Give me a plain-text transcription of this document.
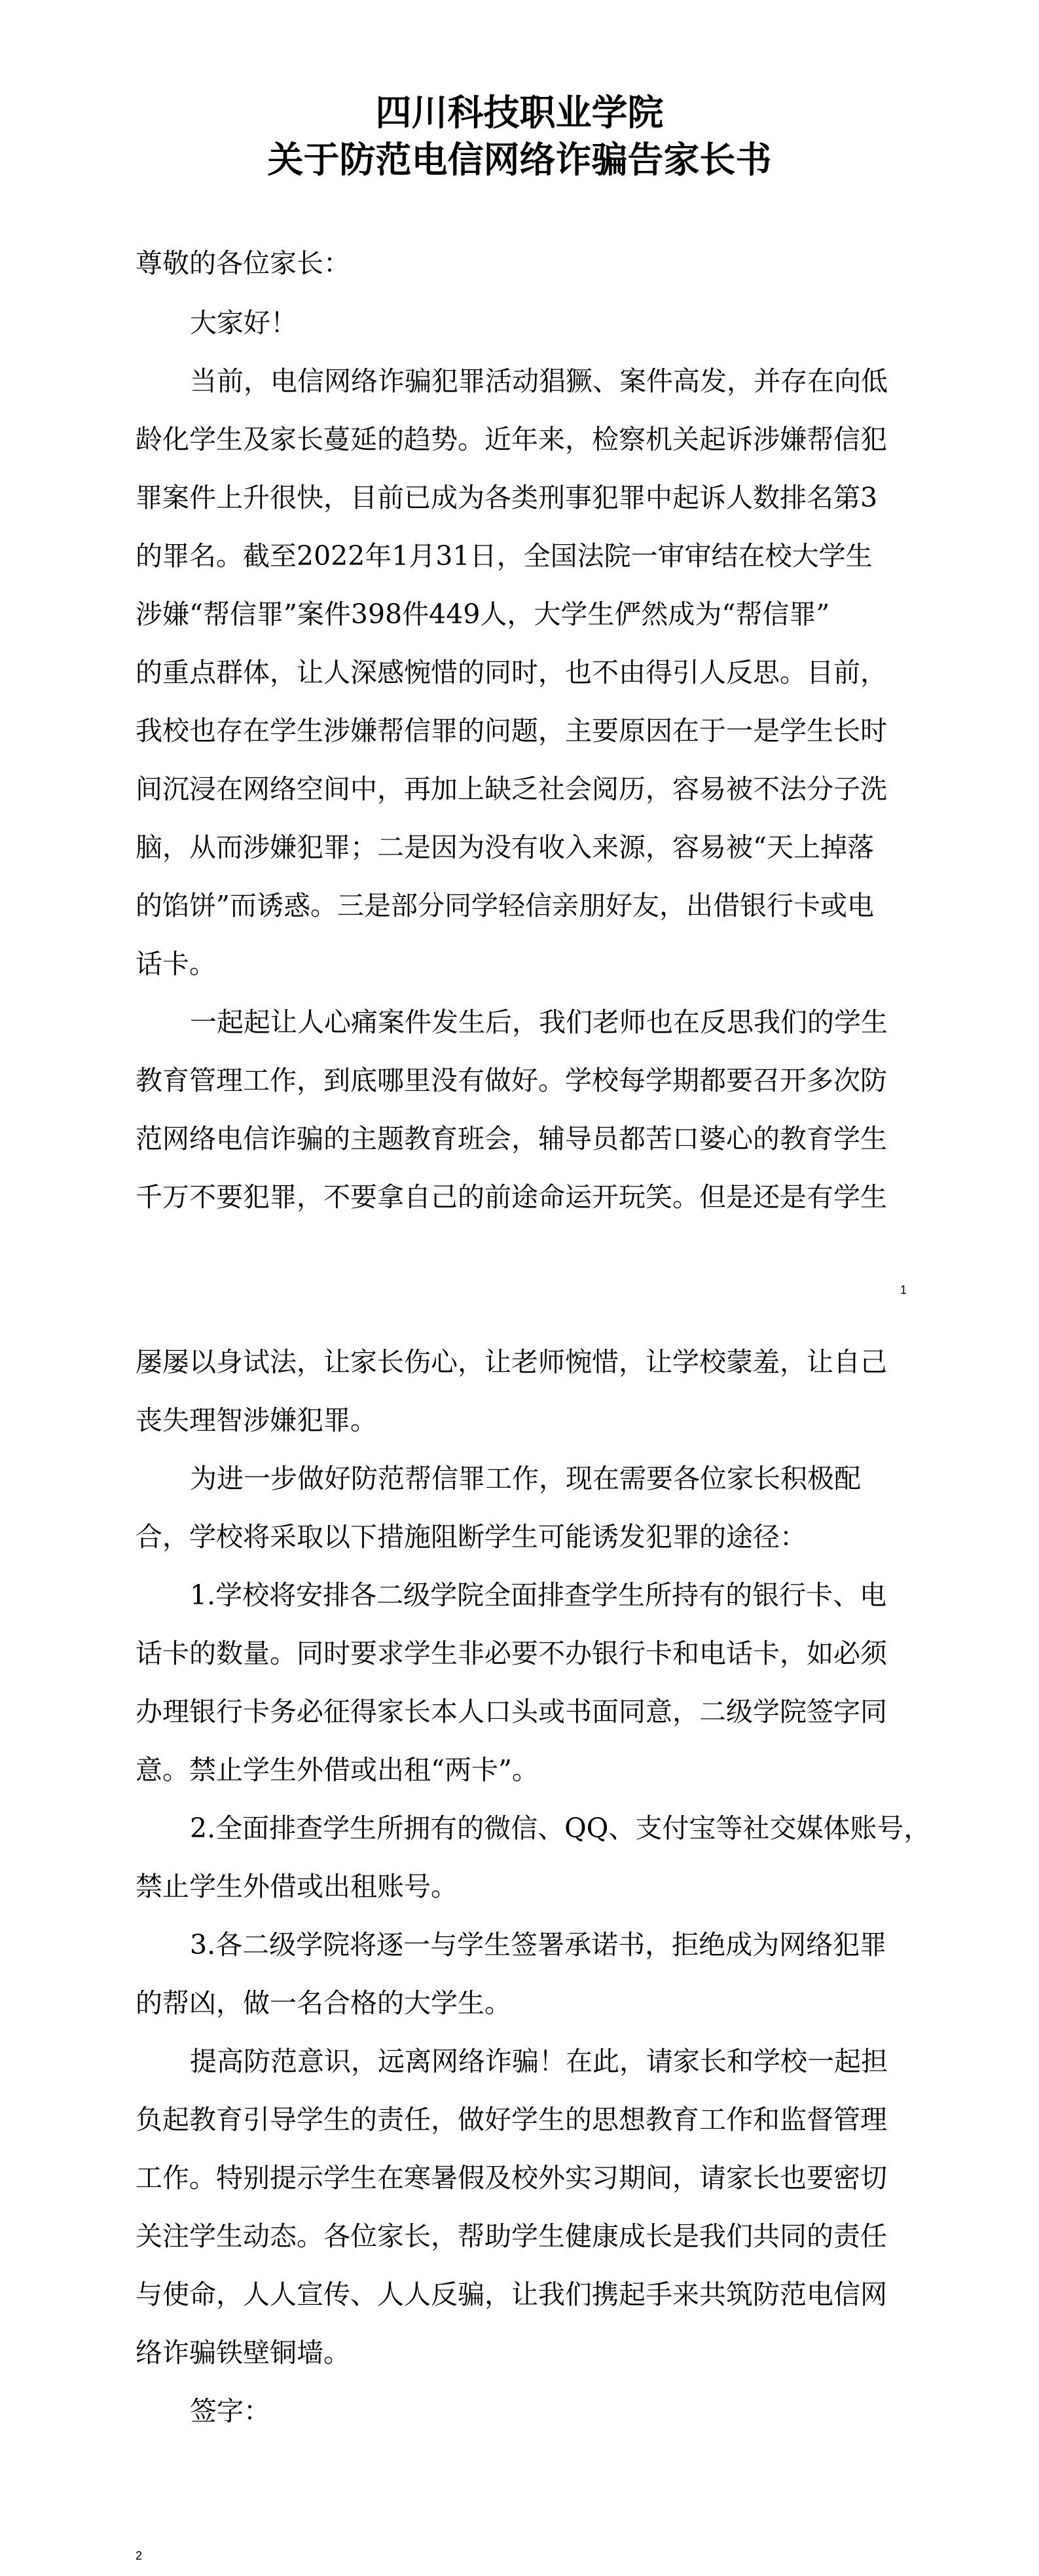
四川科技职业学院
关于防范电信网络诈骗告家长书
尊敬的各位家长：
大家好！
当前，电信网络诈骗犯罪活动猖獗、案件高发，并存在向低
龄化学生及家长蔓延的趋势。近年来，检察机关起诉涉嫌帮信犯
罪案件上升很快，目前已成为各类刑事犯罪中起诉人数排名第3
的罪名。截至2022年1月31日，全国法院一审审结在校大学生
涉嫌“帮信罪”案件398件449人，大学生俨然成为“帮信罪”
的重点群体，让人深感惋惜的同时，也不由得引人反思。目前，
我校也存在学生涉嫌帮信罪的问题，主要原因在于一是学生长时
间沉浸在网络空间中，再加上缺乏社会阅历，容易被不法分子洗
脑，从而涉嫌犯罪；二是因为没有收入来源，容易被“天上掉落
的馅饼”而诱惑。三是部分同学轻信亲朋好友，出借银行卡或电
话卡。
一起起让人心痛案件发生后，我们老师也在反思我们的学生
教育管理工作，到底哪里没有做好。学校每学期都要召开多次防
范网络电信诈骗的主题教育班会，辅导员都苦口婆心的教育学生
千万不要犯罪，不要拿自己的前途命运开玩笑。但是还是有学生
1
屡屡以身试法，让家长伤心，让老师惋惜，让学校蒙羞，让自己
丧失理智涉嫌犯罪。
为进一步做好防范帮信罪工作，现在需要各位家长积极配
合，学校将采取以下措施阻断学生可能诱发犯罪的途径：
1.学校将安排各二级学院全面排查学生所持有的银行卡、电
话卡的数量。同时要求学生非必要不办银行卡和电话卡，如必须
办理银行卡务必征得家长本人口头或书面同意，二级学院签字同
意。禁止学生外借或出租“两卡”。
2.全面排查学生所拥有的微信、QQ、支付宝等社交媒体账号，
禁止学生外借或出租账号。
3.各二级学院将逐一与学生签署承诺书，拒绝成为网络犯罪
的帮凶，做一名合格的大学生。
提高防范意识，远离网络诈骗！在此，请家长和学校一起担
负起教育引导学生的责任，做好学生的思想教育工作和监督管理
工作。特别提示学生在寒暑假及校外实习期间，请家长也要密切
关注学生动态。各位家长，帮助学生健康成长是我们共同的责任
与使命，人人宣传、人人反骗，让我们携起手来共筑防范电信网
络诈骗铁壁铜墙。
签字：
2
